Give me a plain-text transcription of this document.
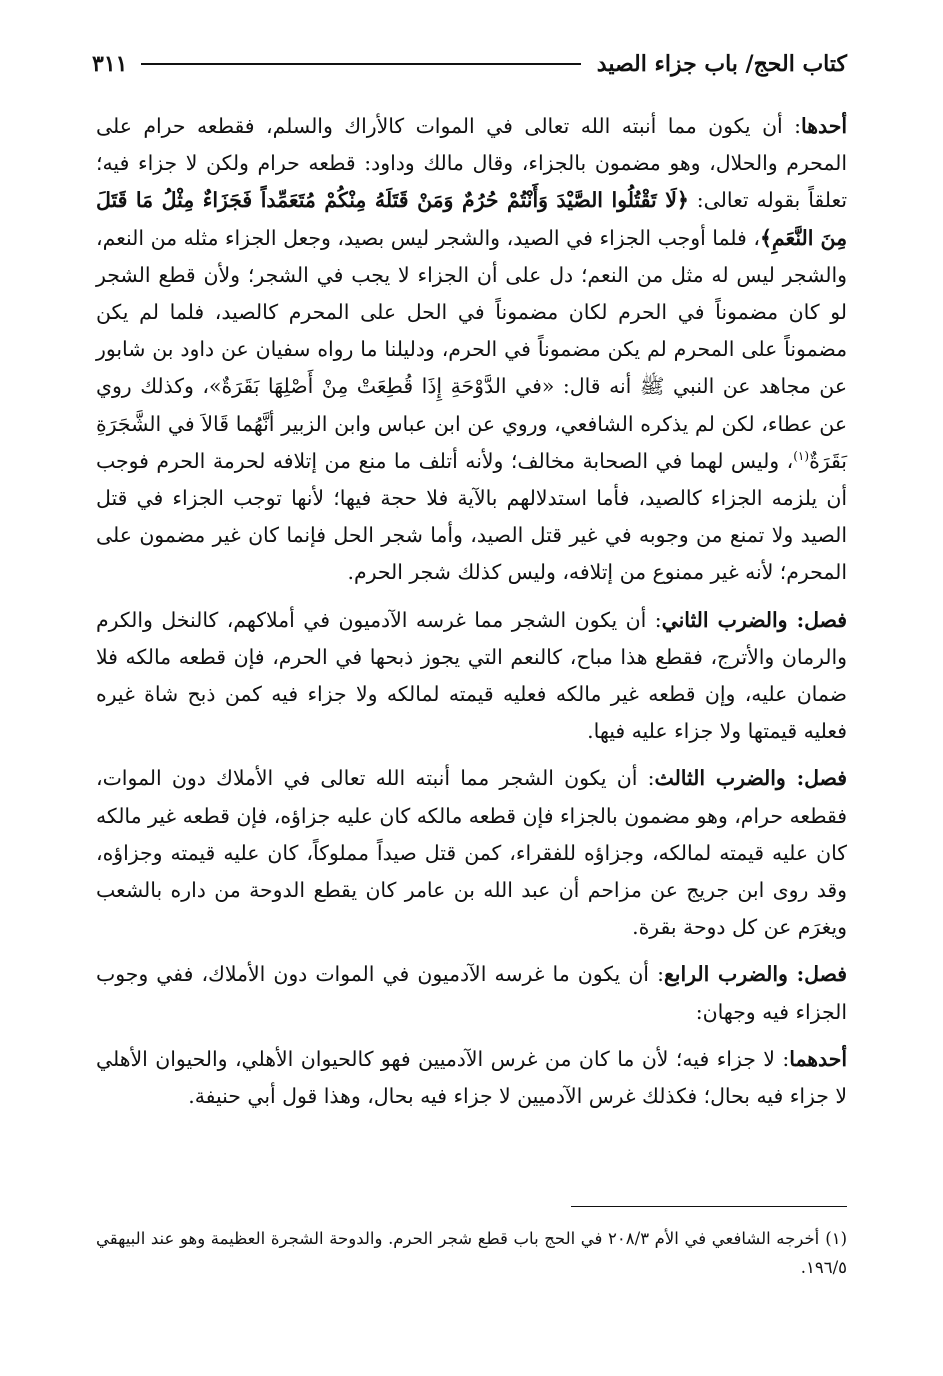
كتاب الحج/ باب جزاء الصيد
٣١١

أحدها: أن يكون مما أنبته الله تعالى في الموات كالأراك والسلم، فقطعه حرام على المحرم والحلال، وهو مضمون بالجزاء، وقال مالك وداود: قطعه حرام ولكن لا جزاء فيه؛ تعلقاً بقوله تعالى: ﴿لَا تَقْتُلُوا الصَّيْدَ وَأَنْتُمْ حُرُمٌ وَمَنْ قَتَلَهُ مِنْكُمْ مُتَعَمِّداً فَجَزَاءٌ مِثْلُ مَا قَتَلَ مِنَ النَّعَمِ﴾، فلما أوجب الجزاء في الصيد، والشجر ليس بصيد، وجعل الجزاء مثله من النعم، والشجر ليس له مثل من النعم؛ دل على أن الجزاء لا يجب في الشجر؛ ولأن قطع الشجر لو كان مضموناً في الحرم لكان مضموناً في الحل على المحرم كالصيد، فلما لم يكن مضموناً على المحرم لم يكن مضموناً في الحرم، ودليلنا ما رواه سفيان عن داود بن شابور عن مجاهد عن النبي ﷺ أنه قال: «في الدَّوْحَةِ إِذَا قُطِعَتْ مِنْ أَصْلِهَا بَقَرَةٌ»، وكذلك روي عن عطاء، لكن لم يذكره الشافعي، وروي عن ابن عباس وابن الزبير أنَّهُما قَالاَ في الشَّجَرَةِ بَقَرَةٌ$^{(١)}$، وليس لهما في الصحابة مخالف؛ ولأنه أتلف ما منع من إتلافه لحرمة الحرم فوجب أن يلزمه الجزاء كالصيد، فأما استدلالهم بالآية فلا حجة فيها؛ لأنها توجب الجزاء في قتل الصيد ولا تمنع من وجوبه في غير قتل الصيد، وأما شجر الحل فإنما كان غير مضمون على المحرم؛ لأنه غير ممنوع من إتلافه، وليس كذلك شجر الحرم.

فصل: والضرب الثاني: أن يكون الشجر مما غرسه الآدميون في أملاكهم، كالنخل والكرم والرمان والأترج، فقطع هذا مباح، كالنعم التي يجوز ذبحها في الحرم، فإن قطعه مالكه فلا ضمان عليه، وإن قطعه غير مالكه فعليه قيمته لمالكه ولا جزاء فيه كمن ذبح شاة غيره فعليه قيمتها ولا جزاء عليه فيها.

فصل: والضرب الثالث: أن يكون الشجر مما أنبته الله تعالى في الأملاك دون الموات، فقطعه حرام، وهو مضمون بالجزاء فإن قطعه مالكه كان عليه جزاؤه، فإن قطعه غير مالكه كان عليه قيمته لمالكه، وجزاؤه للفقراء، كمن قتل صيداً مملوكاً، كان عليه قيمته وجزاؤه، وقد روى ابن جريج عن مزاحم أن عبد الله بن عامر كان يقطع الدوحة من داره بالشعب ويغرَم عن كل دوحة بقرة.

فصل: والضرب الرابع: أن يكون ما غرسه الآدميون في الموات دون الأملاك، ففي وجوب الجزاء فيه وجهان:

أحدهما: لا جزاء فيه؛ لأن ما كان من غرس الآدميين فهو كالحيوان الأهلي، والحيوان الأهلي لا جزاء فيه بحال؛ فكذلك غرس الآدميين لا جزاء فيه بحال، وهذا قول أبي حنيفة.

(١)أخرجه الشافعي في الأم ٢٠٨/٣ في الحج باب قطع شجر الحرم. والدوحة الشجرة العظيمة وهو عند البيهقي ١٩٦/٥.
